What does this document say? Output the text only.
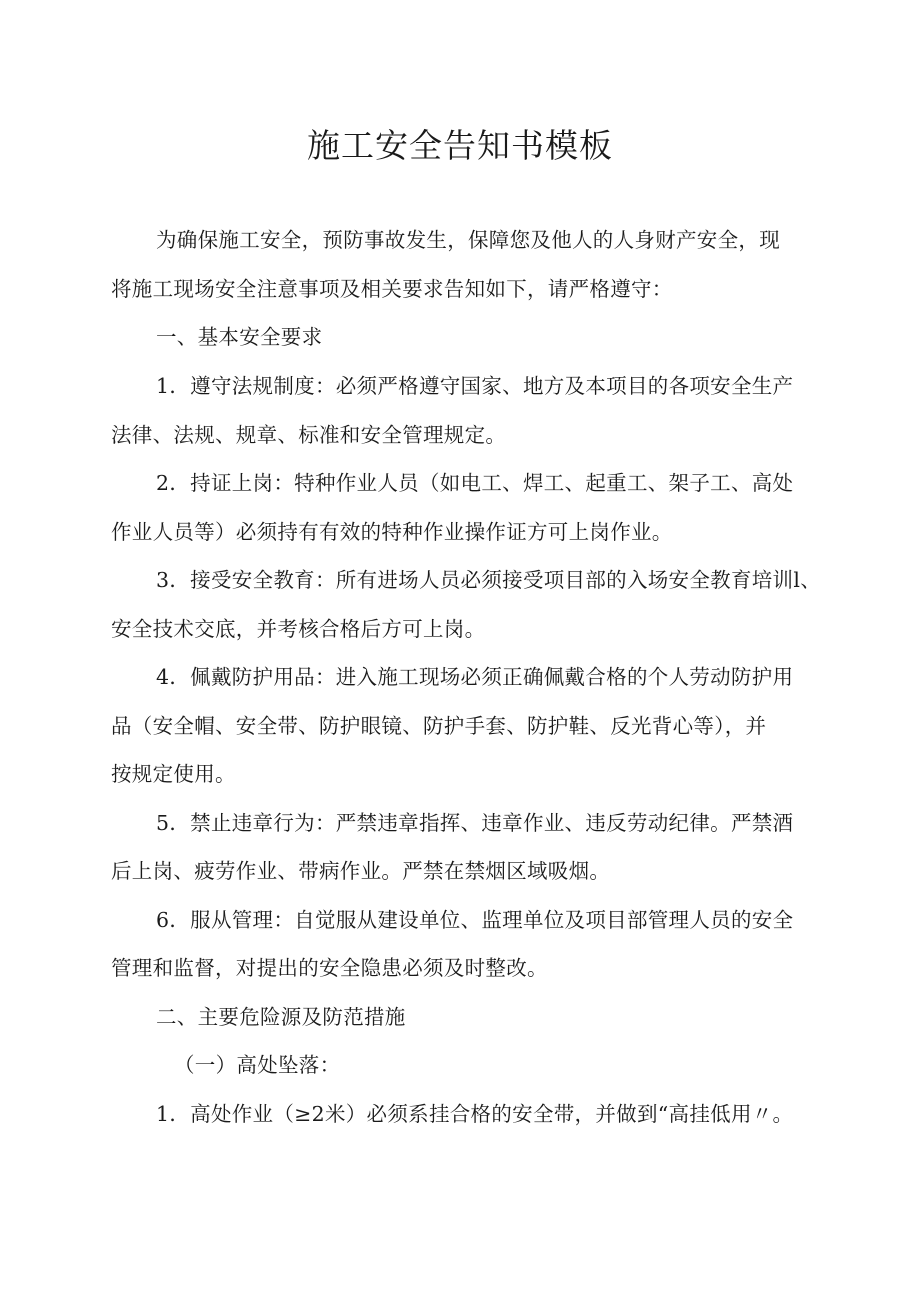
施工安全告知书模板
为确保施工安全，预防事故发生，保障您及他人的人身财产安全，现
将施工现场安全注意事项及相关要求告知如下，请严格遵守：
一、基本安全要求
1．遵守法规制度：必须严格遵守国家、地方及本项目的各项安全生产
法律、法规、规章、标准和安全管理规定。
2．持证上岗：特种作业人员（如电工、焊工、起重工、架子工、高处
作业人员等）必须持有有效的特种作业操作证方可上岗作业。
3．接受安全教育：所有进场人员必须接受项目部的入场安全教育培训l、
安全技术交底，并考核合格后方可上岗。
4．佩戴防护用品：进入施工现场必须正确佩戴合格的个人劳动防护用
品（安全帽、安全带、防护眼镜、防护手套、防护鞋、反光背心等），并
按规定使用。
5．禁止违章行为：严禁违章指挥、违章作业、违反劳动纪律。严禁酒
后上岗、疲劳作业、带病作业。严禁在禁烟区域吸烟。
6．服从管理：自觉服从建设单位、监理单位及项目部管理人员的安全
管理和监督，对提出的安全隐患必须及时整改。
二、主要危险源及防范措施
（一）高处坠落：
1．高处作业（≥2米）必须系挂合格的安全带，并做到“高挂低用〃。
